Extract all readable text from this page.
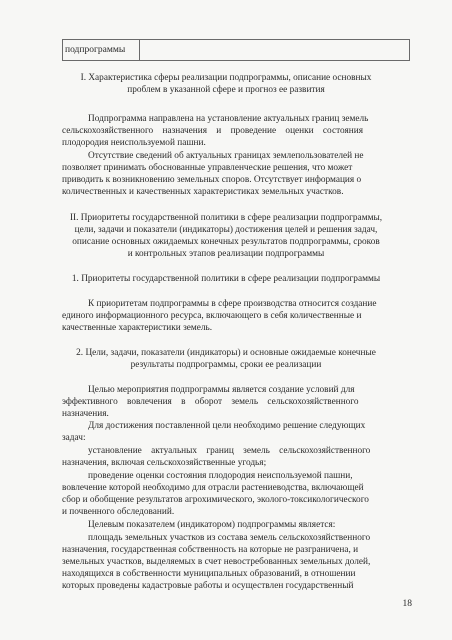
подпрограммы
I. Характеристика сферы реализации подпрограммы, описание основных
проблем в указанной сфере и прогноз ее развития
Подпрограмма направлена на установление актуальных границ земель
сельскохозяйственного    назначения    и    проведение    оценки    состояния
плодородия неиспользуемой пашни.
Отсутствие сведений об актуальных границах землепользователей не
позволяет принимать обоснованные управленческие решения, что может
приводить к возникновению земельных споров. Отсутствует информация о
количественных и качественных характеристиках земельных участков.
II. Приоритеты государственной политики в сфере реализации подпрограммы,
цели, задачи и показатели (индикаторы) достижения целей и решения задач,
описание основных ожидаемых конечных результатов подпрограммы, сроков
и контрольных этапов реализации подпрограммы
1. Приоритеты государственной политики в сфере реализации подпрограммы
К приоритетам подпрограммы в сфере производства относится создание
единого информационного ресурса, включающего в себя количественные и
качественные характеристики земель.
2. Цели, задачи, показатели (индикаторы) и основные ожидаемые конечные
результаты подпрограммы, сроки ее реализации
Целью мероприятия подпрограммы является создание условий для
эффективного    вовлечения    в    оборот    земель    сельскохозяйственного
назначения.
Для достижения поставленной цели необходимо решение следующих
задач:
установление    актуальных    границ    земель    сельскохозяйственного
назначения, включая сельскохозяйственные угодья;
проведение оценки состояния плодородия неиспользуемой пашни,
вовлечение которой необходимо для отрасли растениеводства, включающей
сбор и обобщение результатов агрохимического, эколого-токсикологического
и почвенного обследований.
Целевым показателем (индикатором) подпрограммы является:
площадь земельных участков из состава земель сельскохозяйственного
назначения, государственная собственность на которые не разграничена, и
земельных участков, выделяемых в счет невостребованных земельных долей,
находящихся в собственности муниципальных образований, в отношении
которых проведены кадастровые работы и осуществлен государственный
18
